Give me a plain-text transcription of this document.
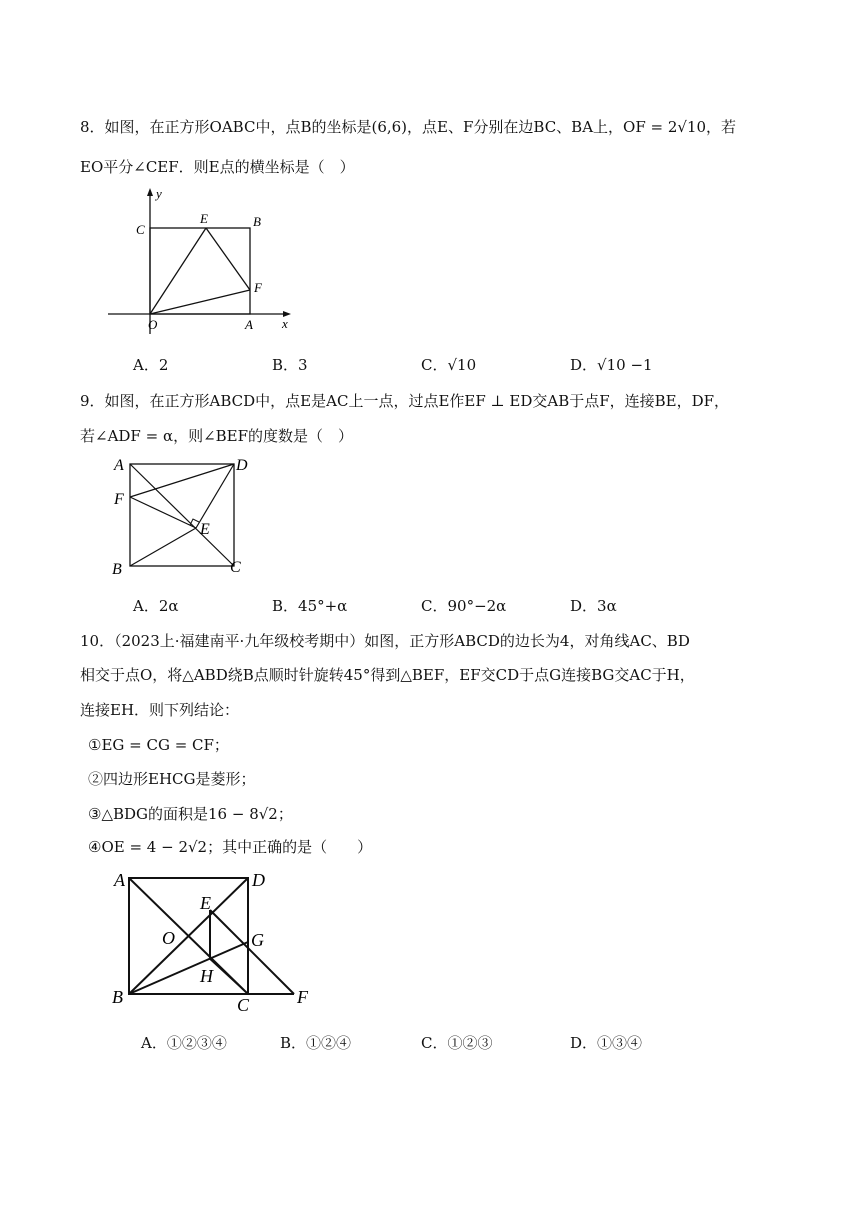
8．如图，在正方形OABC中，点B的坐标是(6,6)，点E、F分别在边BC、BA上，OF = 2√10，若
EO平分∠CEF．则E点的横坐标是（　）
y
x
C
E	B
F
O	A
A．2	B．3	C．√10	D．√10 −1
9．如图，在正方形ABCD中，点E是AC上一点，过点E作EF ⊥ ED交AB于点F，连接BE，DF，
若∠ADF = α，则∠BEF的度数是（　）
A	D
F
E
B	C
A．2α	B．45°+α	C．90°−2α	D．3α
10．（2023上·福建南平·九年级校考期中）如图，正方形ABCD的边长为4，对角线AC、BD
相交于点O，将△ABD绕B点顺时针旋转45°得到△BEF，EF交CD于点G连接BG交AC于H，
连接EH．则下列结论：
①EG = CG = CF；
②四边形EHCG是菱形；
③△BDG的面积是16 − 8√2；
④OE = 4 − 2√2；其中正确的是（　　）
A	D
E
O	G
H
B	C	F
A．①②③④	B．①②④	C．①②③	D．①③④
